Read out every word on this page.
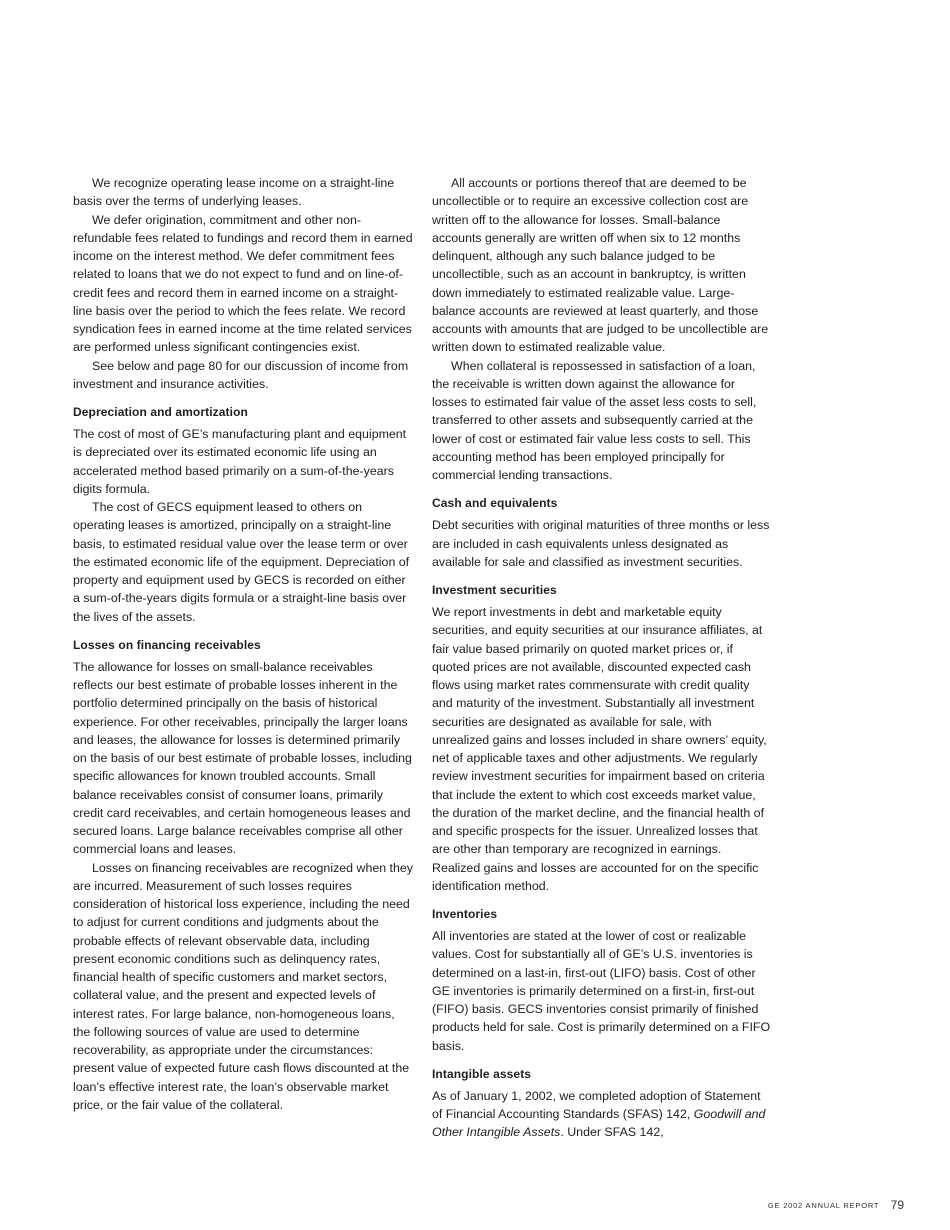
We recognize operating lease income on a straight-line basis over the terms of underlying leases.

We defer origination, commitment and other non-refundable fees related to fundings and record them in earned income on the interest method. We defer commitment fees related to loans that we do not expect to fund and on line-of-credit fees and record them in earned income on a straight-line basis over the period to which the fees relate. We record syndication fees in earned income at the time related services are performed unless significant contingencies exist.

See below and page 80 for our discussion of income from investment and insurance activities.

Depreciation and amortization

The cost of most of GE’s manufacturing plant and equipment is depreciated over its estimated economic life using an accelerated method based primarily on a sum-of-the-years digits formula.

The cost of GECS equipment leased to others on operating leases is amortized, principally on a straight-line basis, to estimated residual value over the lease term or over the estimated economic life of the equipment. Depreciation of property and equipment used by GECS is recorded on either a sum-of-the-years digits formula or a straight-line basis over the lives of the assets.

Losses on financing receivables

The allowance for losses on small-balance receivables reflects our best estimate of probable losses inherent in the portfolio determined principally on the basis of historical experience. For other receivables, principally the larger loans and leases, the allowance for losses is determined primarily on the basis of our best estimate of probable losses, including specific allowances for known troubled accounts. Small balance receivables consist of consumer loans, primarily credit card receivables, and certain homogeneous leases and secured loans. Large balance receivables comprise all other commercial loans and leases.

Losses on financing receivables are recognized when they are incurred. Measurement of such losses requires consideration of historical loss experience, including the need to adjust for current conditions and judgments about the probable effects of relevant observable data, including present economic conditions such as delinquency rates, financial health of specific customers and market sectors, collateral value, and the present and expected levels of interest rates. For large balance, non-homogeneous loans, the following sources of value are used to determine recoverability, as appropriate under the circumstances: present value of expected future cash flows discounted at the loan’s effective interest rate, the loan’s observable market price, or the fair value of the collateral.

All accounts or portions thereof that are deemed to be uncollectible or to require an excessive collection cost are written off to the allowance for losses. Small-balance accounts generally are written off when six to 12 months delinquent, although any such balance judged to be uncollectible, such as an account in bankruptcy, is written down immediately to estimated realizable value. Large-balance accounts are reviewed at least quarterly, and those accounts with amounts that are judged to be uncollectible are written down to estimated realizable value.

When collateral is repossessed in satisfaction of a loan, the receivable is written down against the allowance for losses to estimated fair value of the asset less costs to sell, transferred to other assets and subsequently carried at the lower of cost or estimated fair value less costs to sell. This accounting method has been employed principally for commercial lending transactions.

Cash and equivalents

Debt securities with original maturities of three months or less are included in cash equivalents unless designated as available for sale and classified as investment securities.

Investment securities

We report investments in debt and marketable equity securities, and equity securities at our insurance affiliates, at fair value based primarily on quoted market prices or, if quoted prices are not available, discounted expected cash flows using market rates commensurate with credit quality and maturity of the investment. Substantially all investment securities are designated as available for sale, with unrealized gains and losses included in share owners’ equity, net of applicable taxes and other adjustments. We regularly review investment securities for impairment based on criteria that include the extent to which cost exceeds market value, the duration of the market decline, and the financial health of and specific prospects for the issuer. Unrealized losses that are other than temporary are recognized in earnings. Realized gains and losses are accounted for on the specific identification method.

Inventories

All inventories are stated at the lower of cost or realizable values. Cost for substantially all of GE’s U.S. inventories is determined on a last-in, first-out (LIFO) basis. Cost of other GE inventories is primarily determined on a first-in, first-out (FIFO) basis. GECS inventories consist primarily of finished products held for sale. Cost is primarily determined on a FIFO basis.

Intangible assets

As of January 1, 2002, we completed adoption of Statement of Financial Accounting Standards (SFAS) 142, Goodwill and Other Intangible Assets. Under SFAS 142,

GE 2002 ANNUAL REPORT 79
